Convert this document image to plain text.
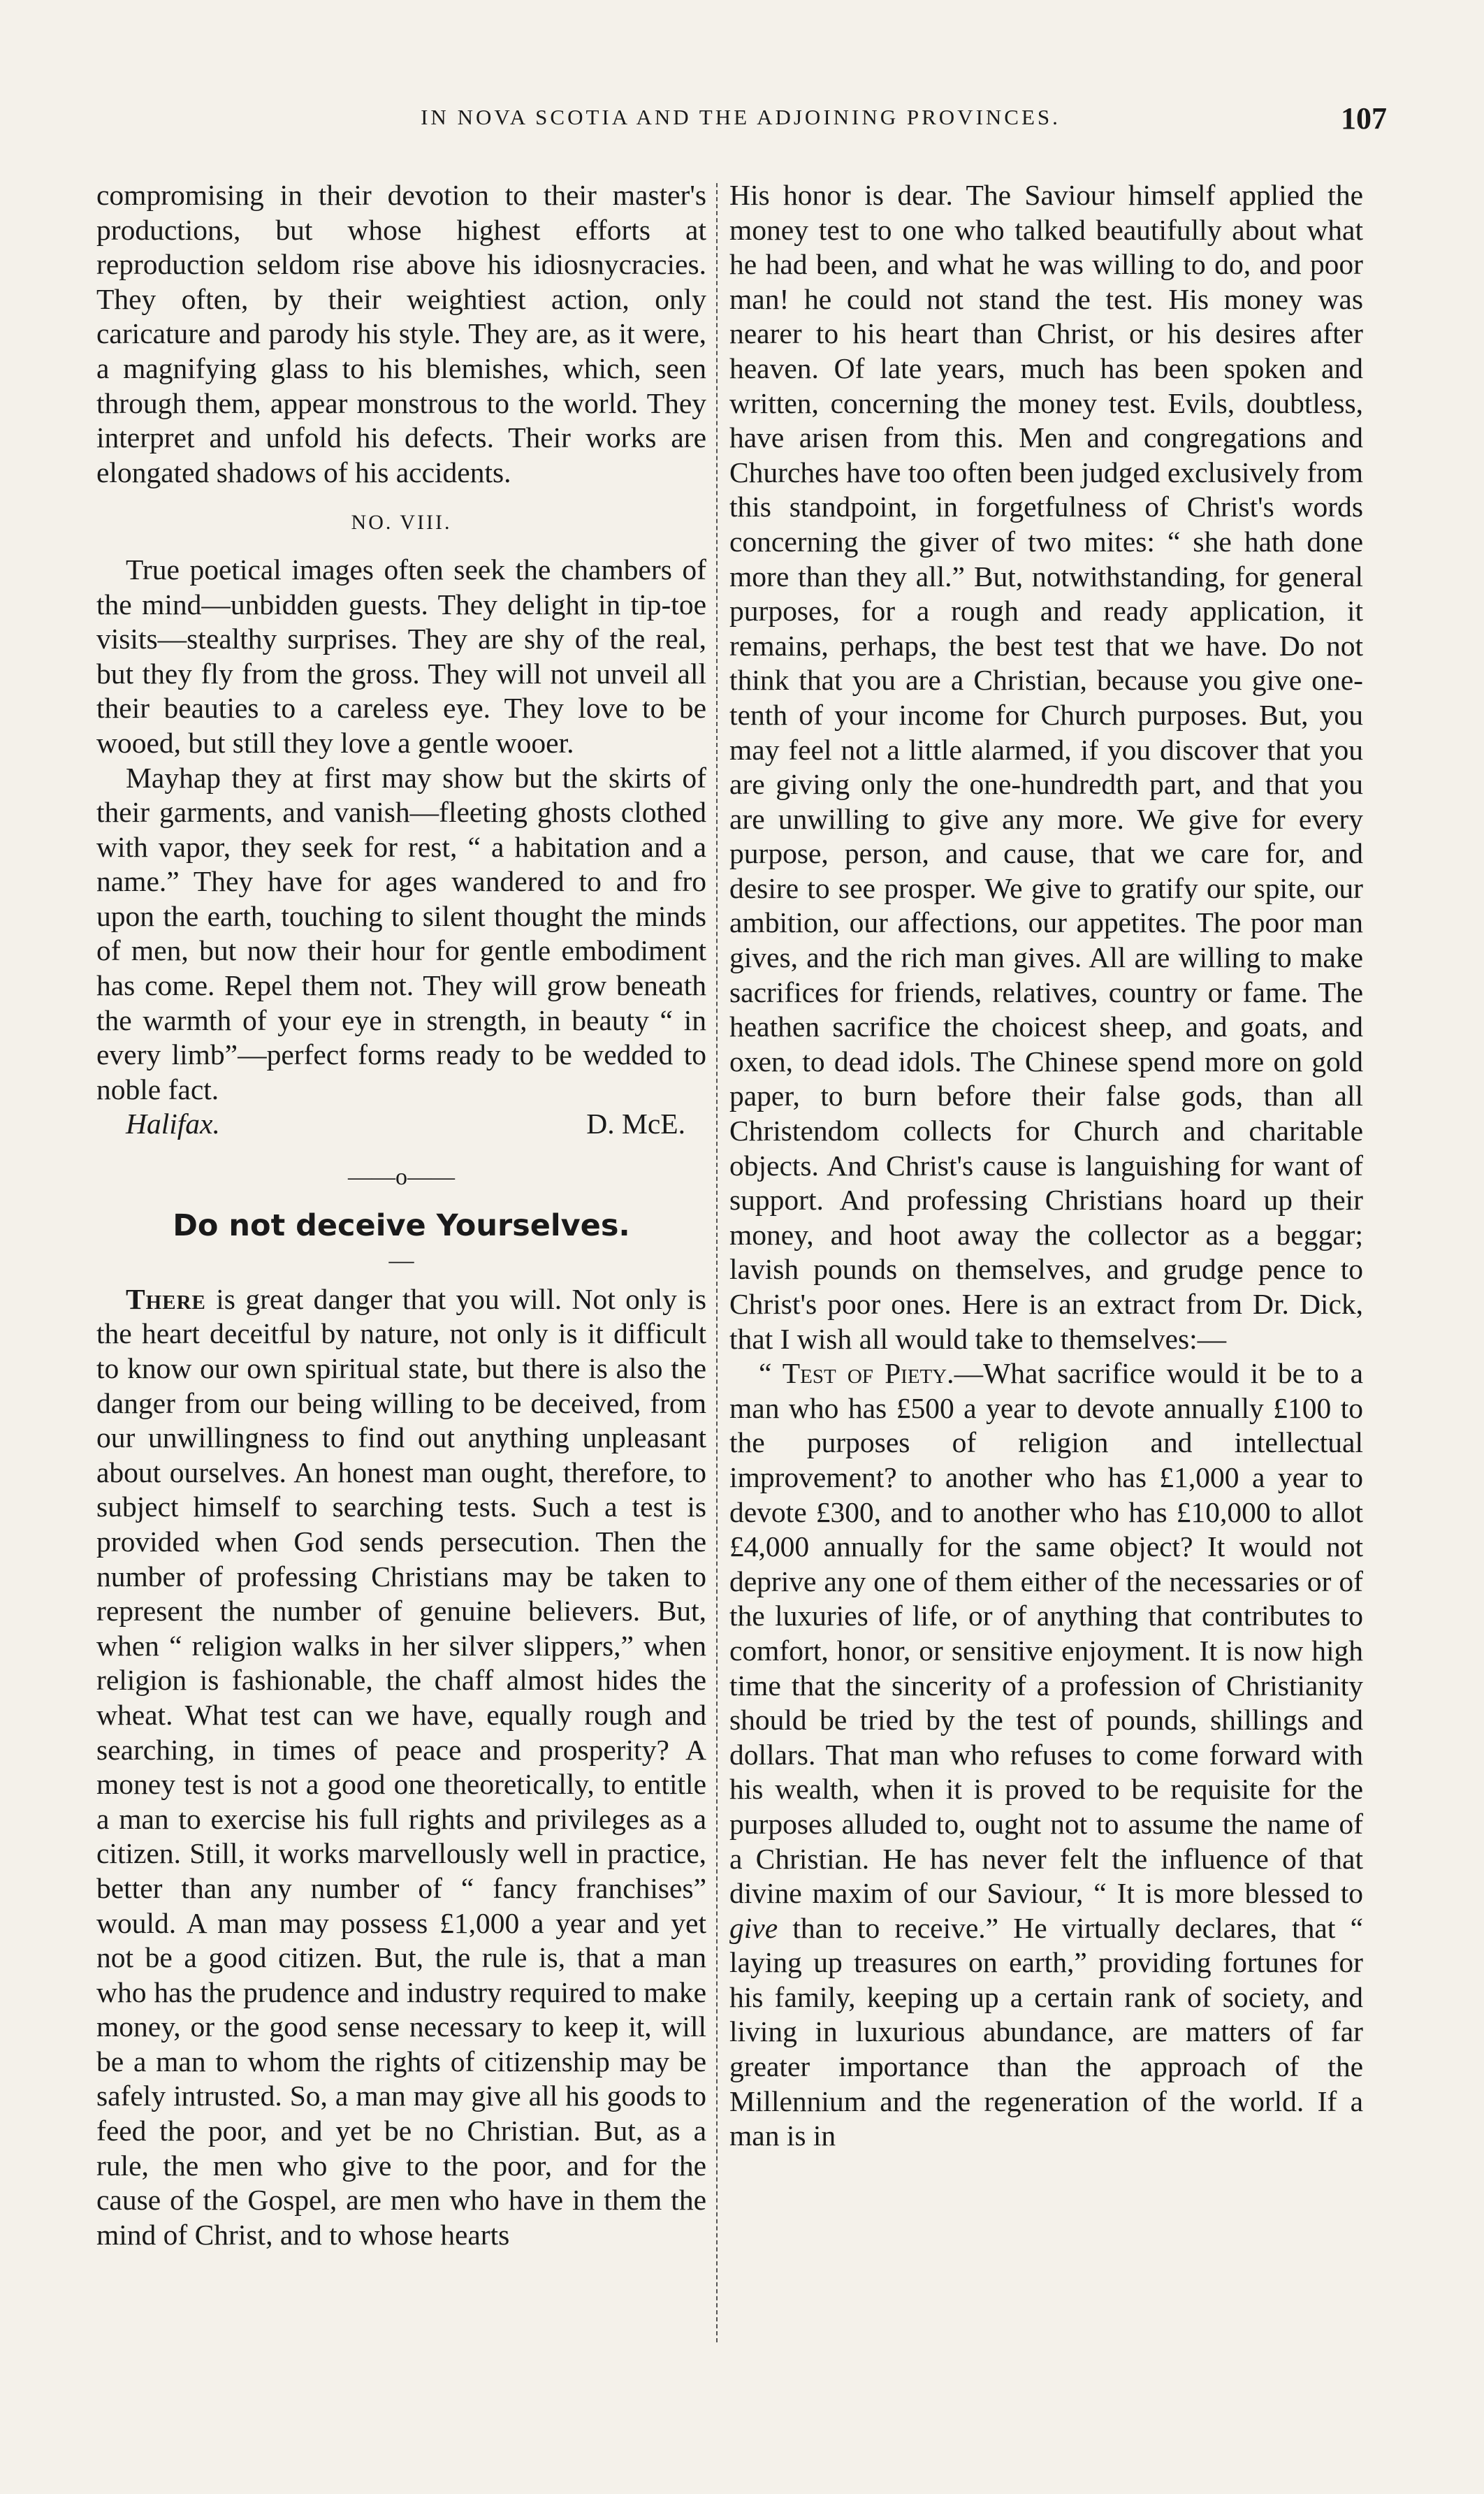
IN NOVA SCOTIA AND THE ADJOINING PROVINCES.	107

compromising in their devotion to their master's productions, but whose highest efforts at reproduction seldom rise above his idiosnycracies. They often, by their weightiest action, only caricature and parody his style. They are, as it were, a magnifying glass to his blemishes, which, seen through them, appear monstrous to the world. They interpret and unfold his defects. Their works are elongated shadows of his accidents.

NO. VIII.

True poetical images often seek the chambers of the mind—unbidden guests. They delight in tip-toe visits—stealthy surprises. They are shy of the real, but they fly from the gross. They will not unveil all their beauties to a careless eye. They love to be wooed, but still they love a gentle wooer.

Mayhap they at first may show but the skirts of their garments, and vanish—fleeting ghosts clothed with vapor, they seek for rest, “ a habitation and a name.” They have for ages wandered to and fro upon the earth, touching to silent thought the minds of men, but now their hour for gentle embodiment has come. Repel them not. They will grow beneath the warmth of your eye in strength, in beauty “ in every limb”—perfect forms ready to be wedded to noble fact.

Halifax.	D. McE.
——o——
Do not deceive Yourselves.
—

There is great danger that you will. Not only is the heart deceitful by nature, not only is it difficult to know our own spiritual state, but there is also the danger from our being willing to be deceived, from our unwillingness to find out anything unpleasant about ourselves. An honest man ought, therefore, to subject himself to searching tests. Such a test is provided when God sends persecution. Then the number of professing Christians may be taken to represent the number of genuine believers. But, when “ religion walks in her silver slippers,” when religion is fashionable, the chaff almost hides the wheat. What test can we have, equally rough and searching, in times of peace and prosperity? A money test is not a good one theoretically, to entitle a man to exercise his full rights and privileges as a citizen. Still, it works marvellously well in practice, better than any number of “ fancy franchises” would. A man may possess £1,000 a year and yet not be a good citizen. But, the rule is, that a man who has the prudence and industry required to make money, or the good sense necessary to keep it, will be a man to whom the rights of citizenship may be safely intrusted. So, a man may give all his goods to feed the poor, and yet be no Christian. But, as a rule, the men who give to the poor, and for the cause of the Gospel, are men who have in them the mind of Christ, and to whose hearts

His honor is dear. The Saviour himself applied the money test to one who talked beautifully about what he had been, and what he was willing to do, and poor man! he could not stand the test. His money was nearer to his heart than Christ, or his desires after heaven. Of late years, much has been spoken and written, concerning the money test. Evils, doubtless, have arisen from this. Men and congregations and Churches have too often been judged exclusively from this standpoint, in forgetfulness of Christ's words concerning the giver of two mites: “ she hath done more than they all.” But, notwithstanding, for general purposes, for a rough and ready application, it remains, perhaps, the best test that we have. Do not think that you are a Christian, because you give one-tenth of your income for Church purposes. But, you may feel not a little alarmed, if you discover that you are giving only the one-hundredth part, and that you are unwilling to give any more. We give for every purpose, person, and cause, that we care for, and desire to see prosper. We give to gratify our spite, our ambition, our affections, our appetites. The poor man gives, and the rich man gives. All are willing to make sacrifices for friends, relatives, country or fame. The heathen sacrifice the choicest sheep, and goats, and oxen, to dead idols. The Chinese spend more on gold paper, to burn before their false gods, than all Christendom collects for Church and charitable objects. And Christ's cause is languishing for want of support. And professing Christians hoard up their money, and hoot away the collector as a beggar; lavish pounds on themselves, and grudge pence to Christ's poor ones. Here is an extract from Dr. Dick, that I wish all would take to themselves:—

“ Test of Piety.—What sacrifice would it be to a man who has £500 a year to devote annually £100 to the purposes of religion and intellectual improvement? to another who has £1,000 a year to devote £300, and to another who has £10,000 to allot £4,000 annually for the same object? It would not deprive any one of them either of the necessaries or of the luxuries of life, or of anything that contributes to comfort, honor, or sensitive enjoyment. It is now high time that the sincerity of a profession of Christianity should be tried by the test of pounds, shillings and dollars. That man who refuses to come forward with his wealth, when it is proved to be requisite for the purposes alluded to, ought not to assume the name of a Christian. He has never felt the influence of that divine maxim of our Saviour, “ It is more blessed to give than to receive.” He virtually declares, that “ laying up treasures on earth,” providing fortunes for his family, keeping up a certain rank of society, and living in luxurious abundance, are matters of far greater importance than the approach of the Millennium and the regeneration of the world. If a man is in
